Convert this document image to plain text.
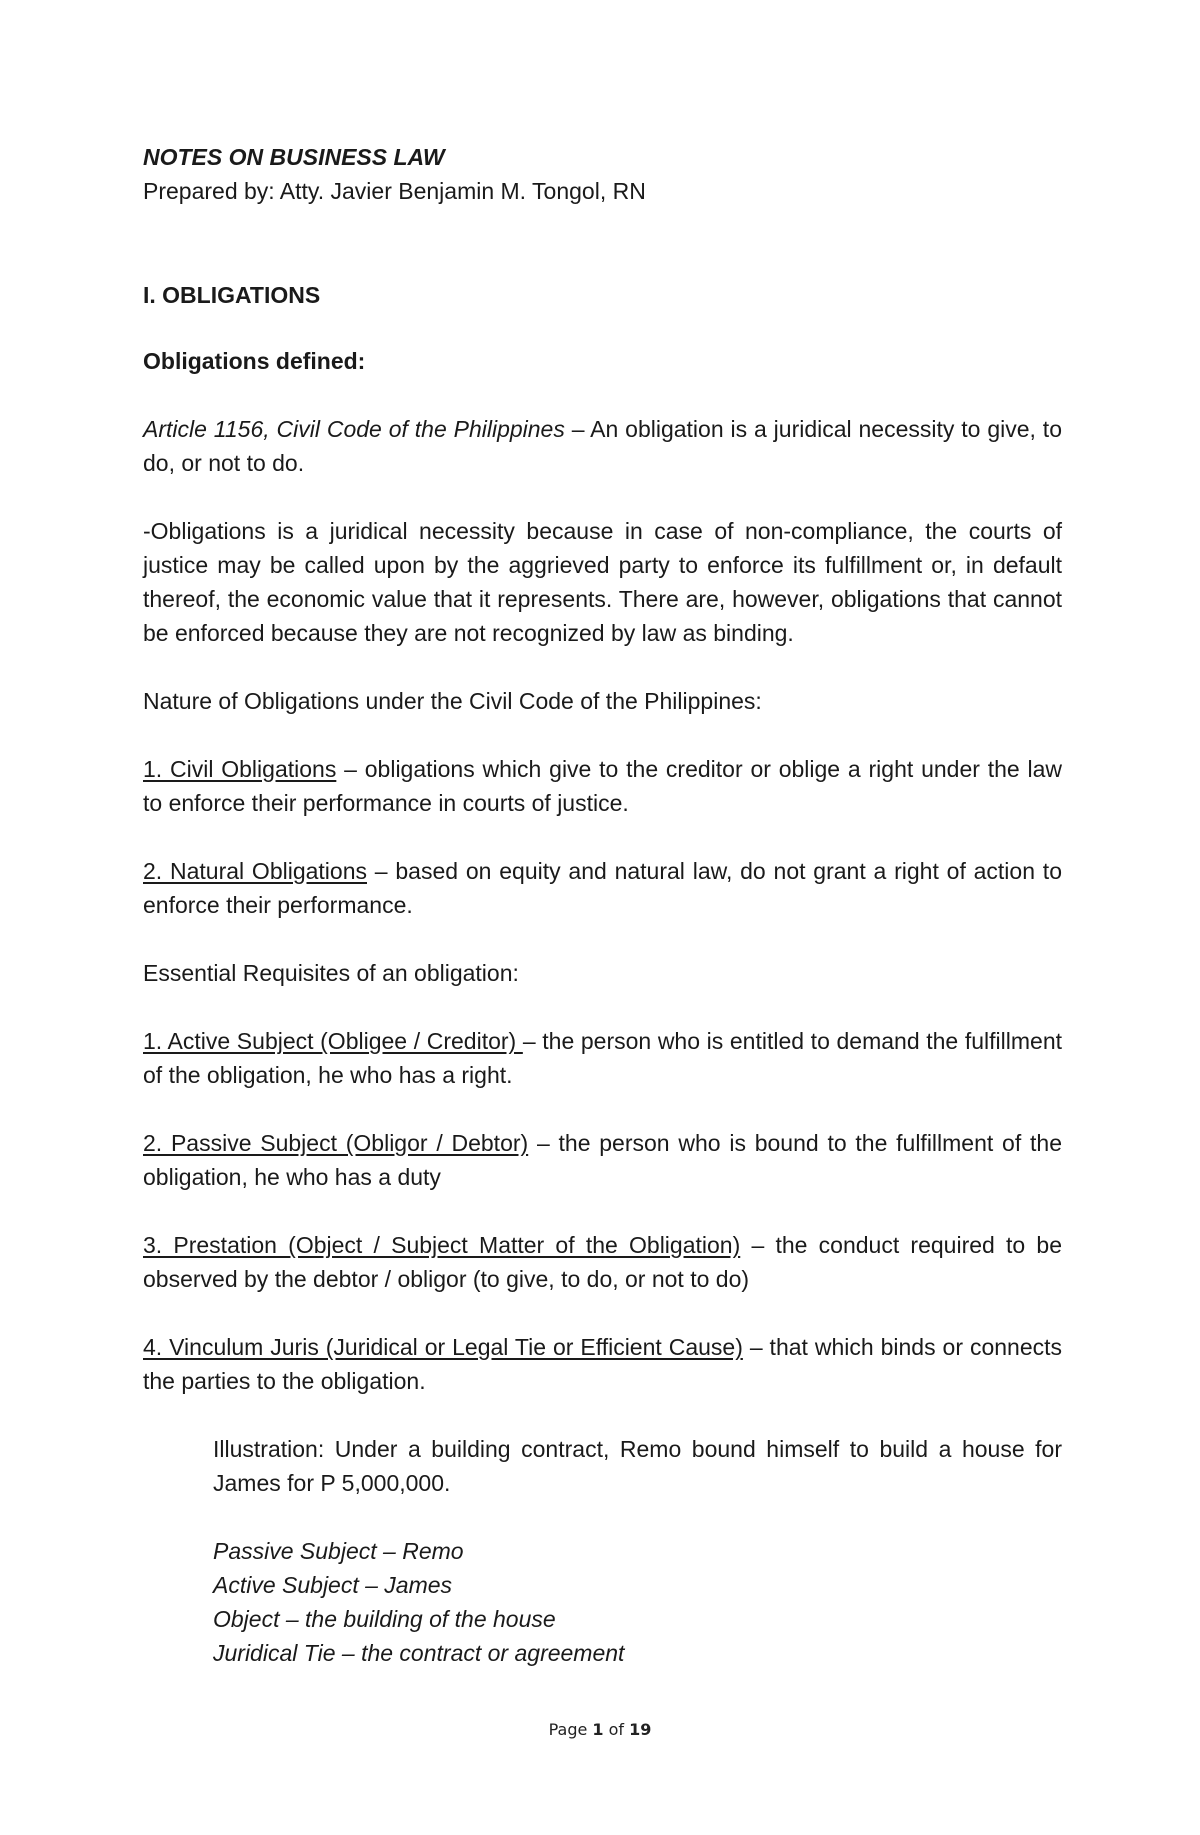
NOTES ON BUSINESS LAW

Prepared by: Atty. Javier Benjamin M. Tongol, RN

I. OBLIGATIONS

Obligations defined:

Article 1156, Civil Code of the Philippines – An obligation is a juridical necessity to give, to do, or not to do.

-Obligations is a juridical necessity because in case of non-compliance, the courts of justice may be called upon by the aggrieved party to enforce its fulfillment or, in default thereof, the economic value that it represents. There are, however, obligations that cannot be enforced because they are not recognized by law as binding.

Nature of Obligations under the Civil Code of the Philippines:

1. Civil Obligations – obligations which give to the creditor or oblige a right under the law to enforce their performance in courts of justice.

2. Natural Obligations – based on equity and natural law, do not grant a right of action to enforce their performance.

Essential Requisites of an obligation:

1. Active Subject (Obligee / Creditor) – the person who is entitled to demand the fulfillment of the obligation, he who has a right.

2. Passive Subject (Obligor / Debtor) – the person who is bound to the fulfillment of the obligation, he who has a duty

3. Prestation (Object / Subject Matter of the Obligation) – the conduct required to be observed by the debtor / obligor (to give, to do, or not to do)

4. Vinculum Juris (Juridical or Legal Tie or Efficient Cause) – that which binds or connects the parties to the obligation.

Illustration: Under a building contract, Remo bound himself to build a house for James for P 5,000,000.

Passive Subject – Remo
Active Subject – James
Object – the building of the house
Juridical Tie – the contract or agreement
Page 1 of 19
